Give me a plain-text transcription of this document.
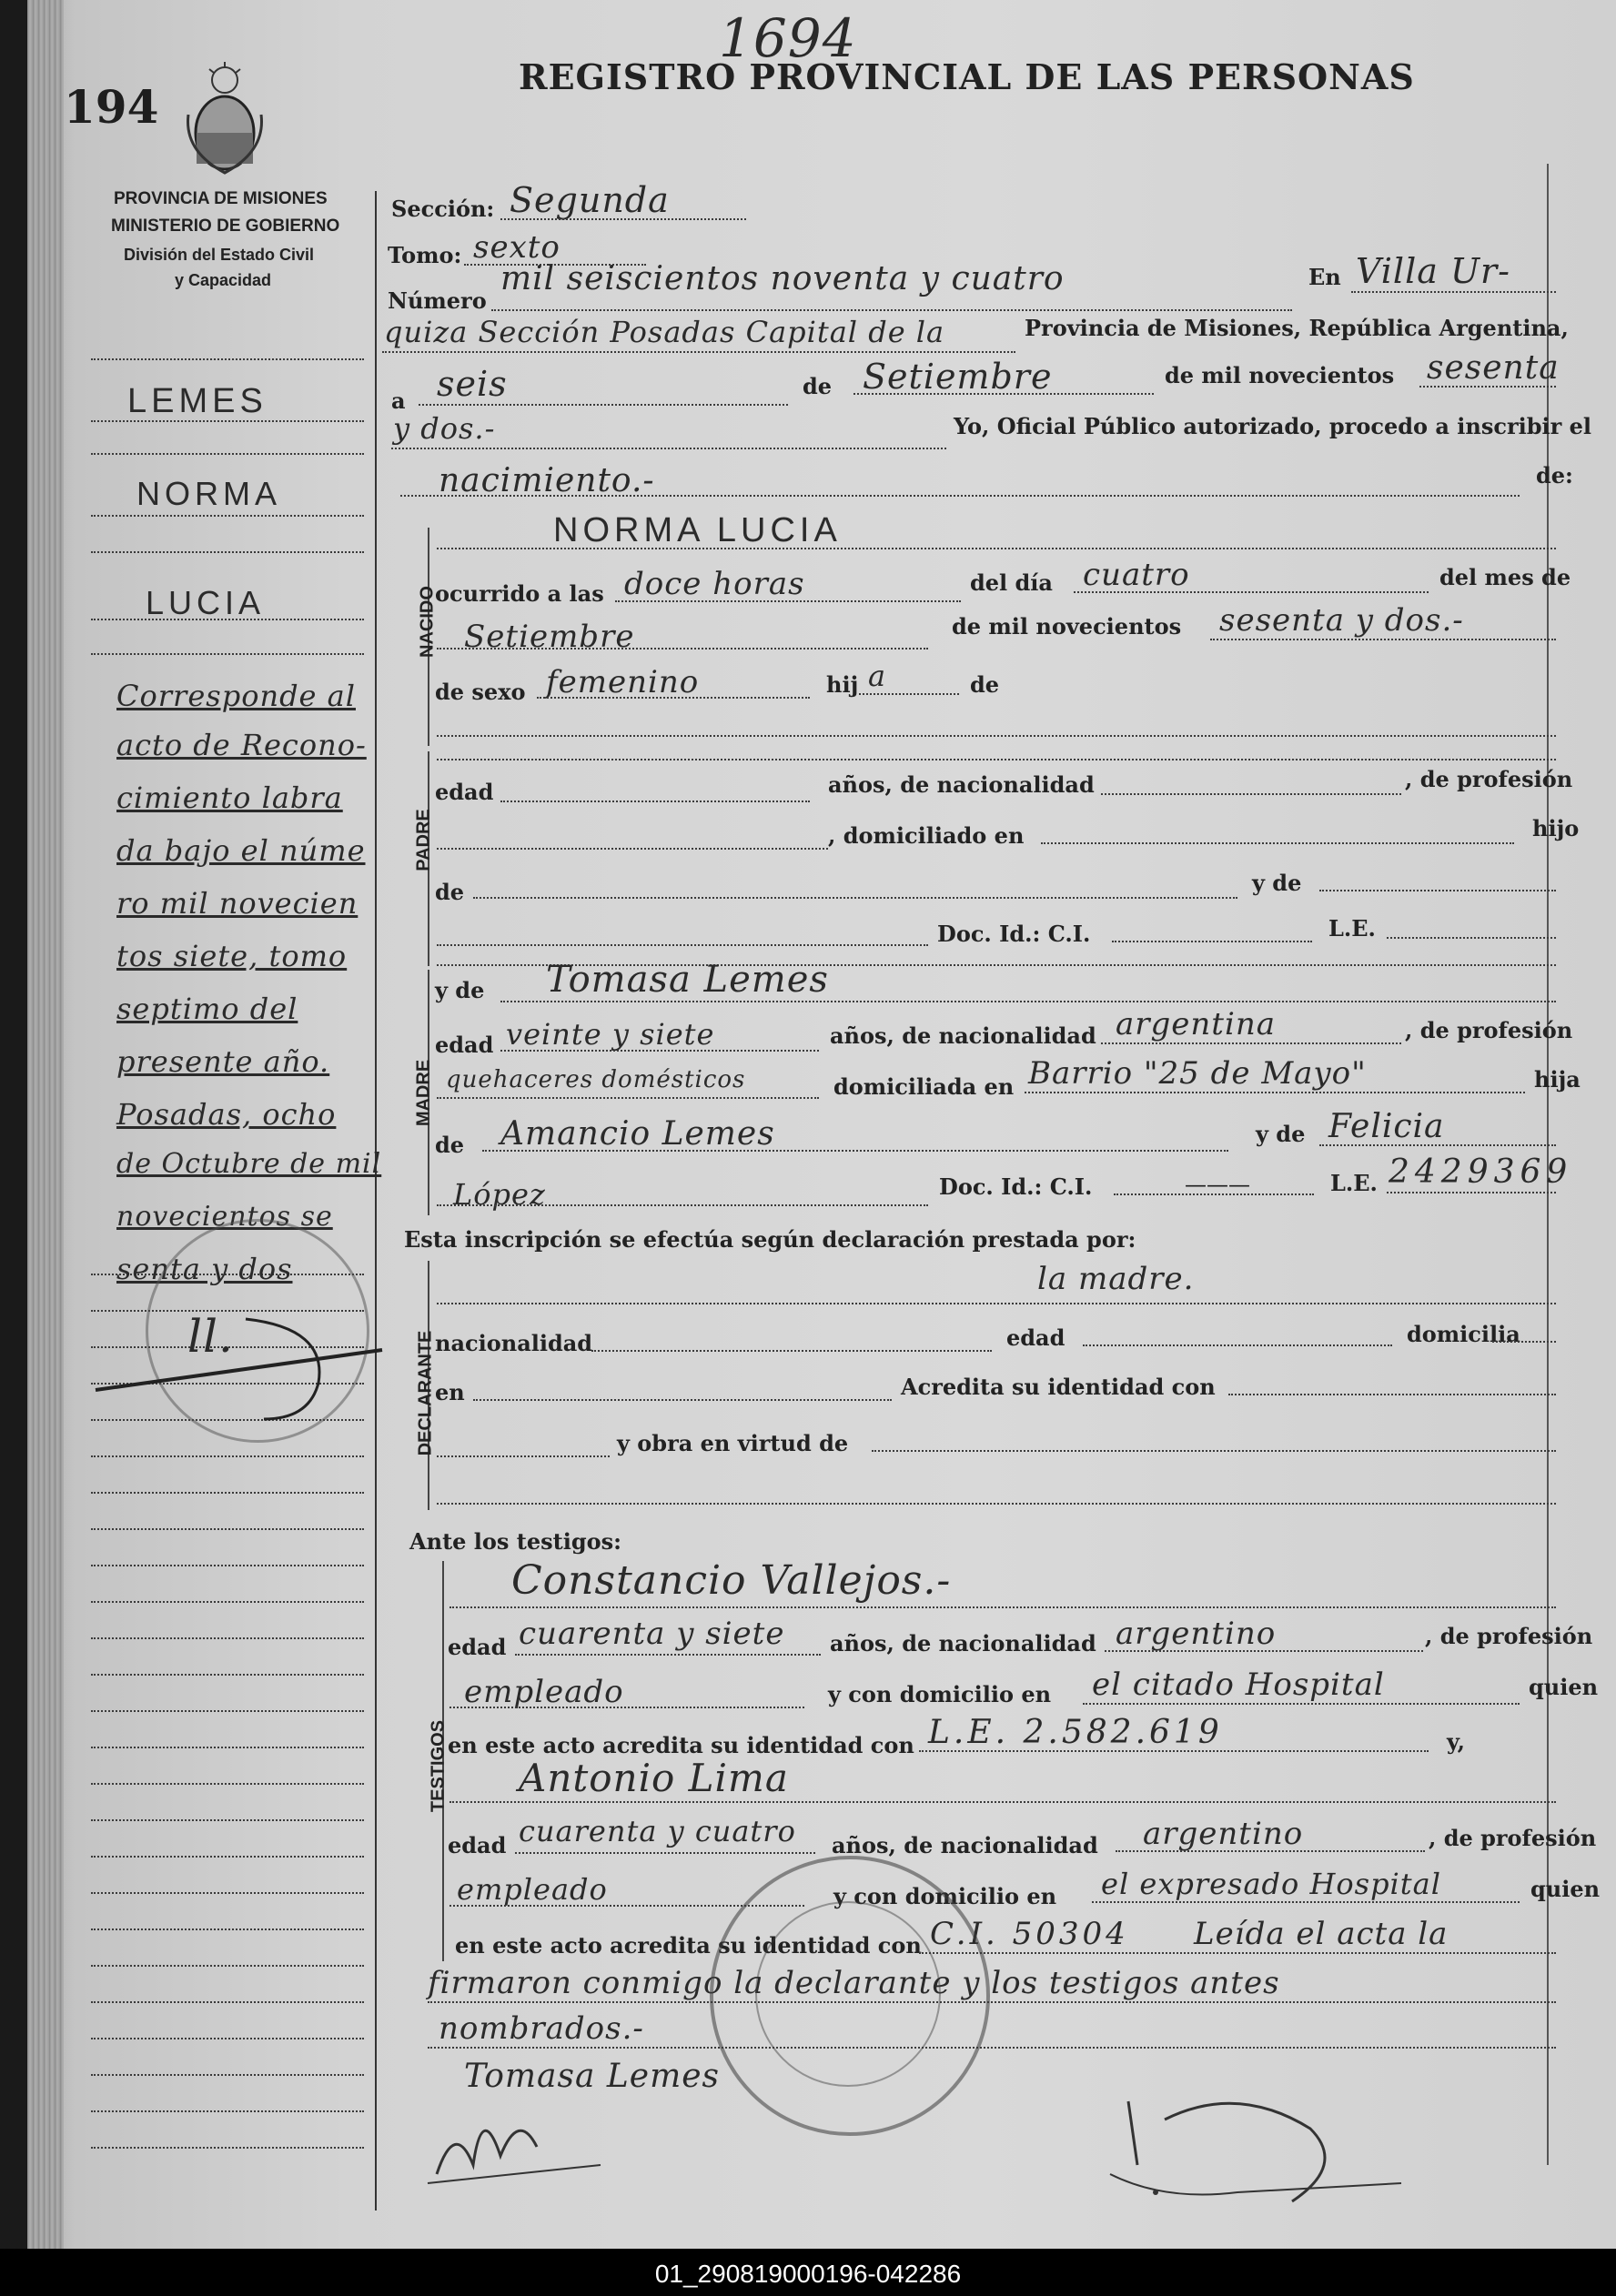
194
1694
REGISTRO PROVINCIAL DE LAS PERSONAS
PROVINCIA DE MISIONES
MINISTERIO DE GOBIERNO
División del Estado Civil
y Capacidad
LEMES
NORMA
LUCIA
Corresponde al
acto de Recono-
cimiento labra
da bajo el núme
ro mil novecien
tos siete, tomo
septimo del
presente año.
Posadas, ocho
de Octubre de mil
novecientos se
senta y dos
ll.
Sección: Segunda
Tomo: sexto
Número
mil seiscientos noventa y cuatro	En Villa Ur-
quiza Sección Posadas Capital de la	Provincia de Misiones, República Argentina,
a seis	de Setiembre	de mil novecientos sesenta
y dos.-	Yo, Oficial Público autorizado, procedo a inscribir el
nacimiento.-	de:
NACIDO
NORMA LUCIA
ocurrido a las doce horas	del día cuatro	del mes de
Setiembre	de mil novecientos sesenta y dos.-
de sexo femenino	hij a	de
PADRE
edad	años, de nacionalidad	, de profesión
, domiciliado en	hijo
de	y de
Doc. Id.: C.I.	L.E.
MADRE
y de Tomasa Lemes
edad veinte y siete	años, de nacionalidad argentina	, de profesión
quehaceres domésticos	domiciliada en Barrio "25 de Mayo"	hija
de Amancio Lemes	y de Felicia
López	Doc. Id.: C.I.	———	L.E. 2429369
Esta inscripción se efectúa según declaración prestada por:
DECLARANTE
la madre.
nacionalidad	edad	domicilia
en	Acredita su identidad con
y obra en virtud de
Ante los testigos:
TESTIGOS
Constancio Vallejos.-
edad cuarenta y siete años, de nacionalidad argentino	, de profesión
empleado	y con domicilio en el citado Hospital	quien
en este acto acredita su identidad con L.E. 2.582.619	y,
Antonio Lima
edad cuarenta y cuatro años, de nacionalidad argentino	, de profesión
empleado	y con domicilio en el expresado Hospital	quien
en este acto acredita su identidad con C.I. 50304 Leída el acta la
firmaron conmigo la declarante y los testigos antes
nombrados.-
Tomasa Lemes
01_290819000196-042286
